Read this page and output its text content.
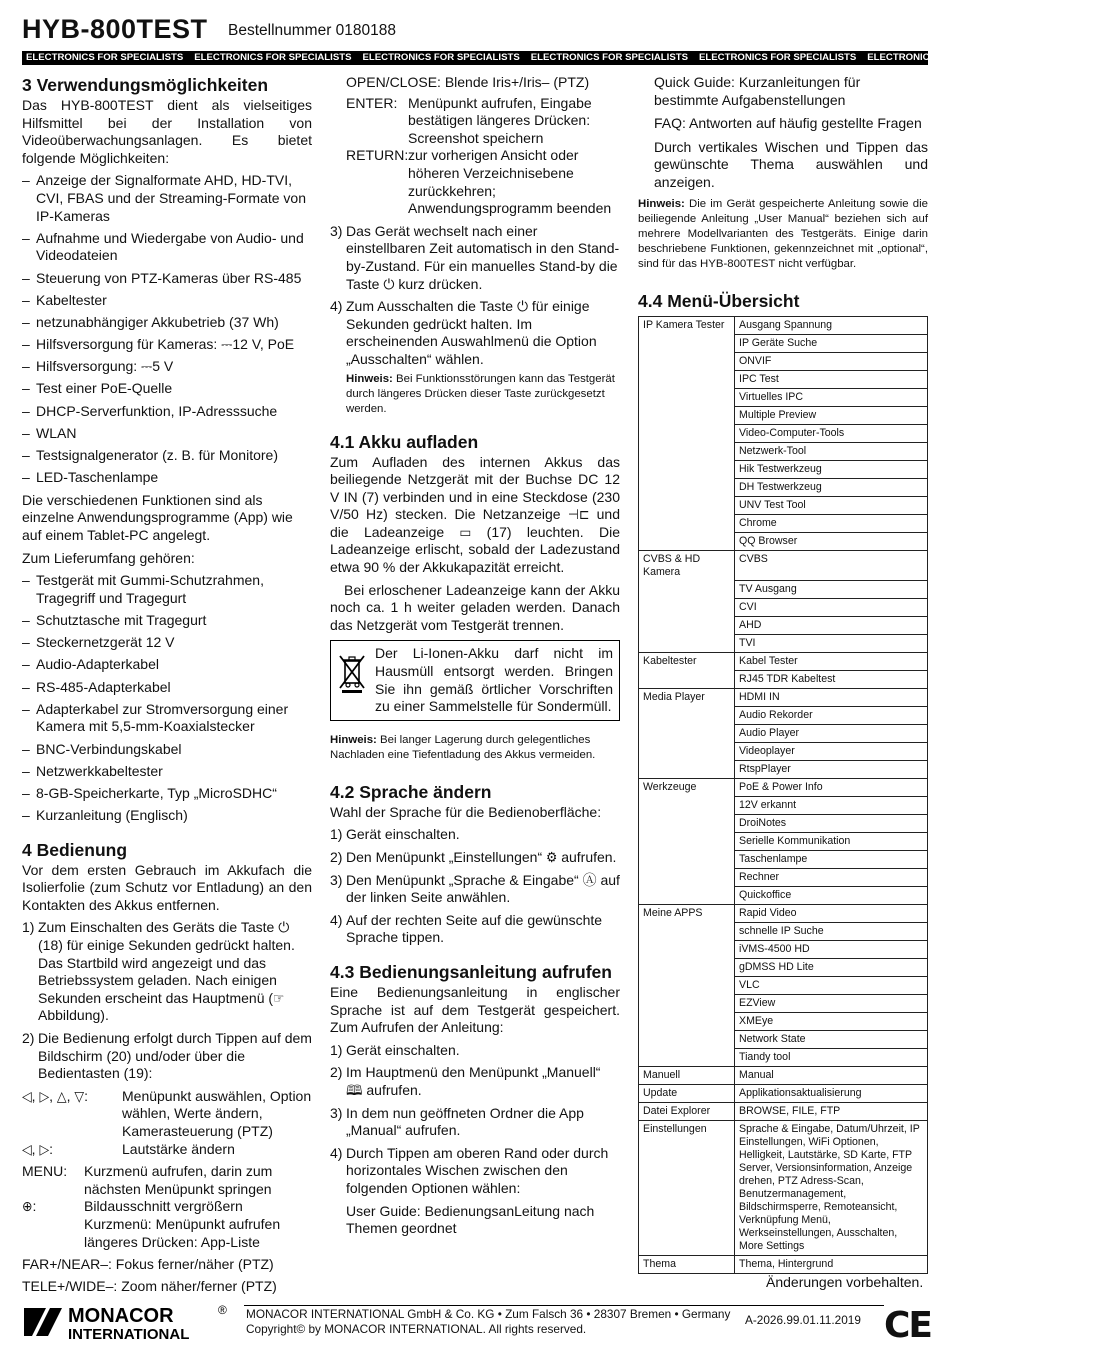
HYB-800TEST Bestellnummer 0180188
ELECTRONICS FOR SPECIALISTS ELECTRONICS FOR SPECIALISTS ELECTRONICS FOR SPECIALISTS ELECTRONICS FOR SPECIALISTS ELECTRONICS FOR SPECIALISTS ELECTRONICS FOR SPECIALISTS ELECTRONICS
3 Verwendungsmöglichkeiten

Das HYB-800TEST dient als vielseitiges Hilfsmittel bei der Installation von Videoüberwachungsanlagen. Es bietet folgende Möglichkeiten:

– Anzeige der Signalformate AHD, HD-TVI, CVI, FBAS und der Streaming-Formate von IP-Kameras
– Aufnahme und Wiedergabe von Audio- und Videodateien
– Steuerung von PTZ-Kameras über RS-485
– Kabeltester
– netzunabhängiger Akkubetrieb (37 Wh)
– Hilfsversorgung für Kameras: ⎓12 V, PoE
– Hilfsversorgung: ⎓5 V
– Test einer PoE-Quelle
– DHCP-Serverfunktion, IP-Adresssuche
– WLAN
– Testsignalgenerator (z. B. für Monitore)
– LED-Taschenlampe

Die verschiedenen Funktionen sind als einzelne Anwendungsprogramme (App) wie auf einem Tablet-PC angelegt.

Zum Lieferumfang gehören:

– Testgerät mit Gummi-Schutzrahmen, Tragegriff und Tragegurt
– Schutztasche mit Tragegurt
– Steckernetzgerät 12 V
– Audio-Adapterkabel
– RS-485-Adapterkabel
– Adapterkabel zur Stromversorgung einer Kamera mit 5,5-mm-Koaxialstecker
– BNC-Verbindungskabel
– Netzwerkkabeltester
– 8-GB-Speicherkarte, Typ „MicroSDHC“
– Kurzanleitung (Englisch)
4 Bedienung

Vor dem ersten Gebrauch im Akkufach die Isolierfolie (zum Schutz vor Entladung) an den Kontakten des Akkus entfernen.

1) Zum Einschalten des Geräts die Taste ⏻ (18) für einige Sekunden gedrückt halten. Das Startbild wird angezeigt und das Betriebssystem geladen. Nach einigen Sekunden erscheint das Hauptmenü (☞ Abbildung).
2) Die Bedienung erfolgt durch Tippen auf dem Bildschirm (20) und/oder über die Bedientasten (19):
◁, ▷, △, ▽:	Menüpunkt auswählen, Option wählen, Werte ändern, Kamerasteuerung (PTZ)
◁, ▷:	Lautstärke ändern
MENU:	Kurzmenü aufrufen, darin zum nächsten Menüpunkt springen
⊕:	Bildausschnitt vergrößern Kurzmenü: Menüpunkt aufrufen längeres Drücken: App-Liste
FAR+/NEAR–: Fokus ferner/näher (PTZ)
TELE+/WIDE–: Zoom näher/ferner (PTZ)
OPEN/CLOSE: Blende Iris+/Iris– (PTZ)
ENTER: Menüpunkt aufrufen, Eingabe bestätigen längeres Drücken: Screenshot speichern
RETURN: zur vorherigen Ansicht oder höheren Verzeichnisebene zurückkehren; Anwendungsprogramm beenden
3) Das Gerät wechselt nach einer einstellbaren Zeit automatisch in den Stand-by-Zustand. Für ein manuelles Stand-by die Taste ⏻ kurz drücken.
4) Zum Ausschalten die Taste ⏻ für einige Sekunden gedrückt halten. Im erscheinenden Auswahlmenü die Option „Ausschalten“ wählen.
Hinweis: Bei Funktionsstörungen kann das Testgerät durch längeres Drücken dieser Taste zurückgesetzt werden.
4.1 Akku aufladen

Zum Aufladen des internen Akkus das beiliegende Netzgerät mit der Buchse DC 12 V IN (7) verbinden und in eine Steckdose (230 V/50 Hz) stecken. Die Netzanzeige ⊣⊏ und die Ladeanzeige ▭ (17) leuchten. Die Ladeanzeige erlischt, sobald der Ladezustand etwa 90 % der Akkukapazität erreicht.

Bei erloschener Ladeanzeige kann der Akku noch ca. 1 h weiter geladen werden. Danach das Netzgerät vom Testgerät trennen.

Der Li-Ionen-Akku darf nicht im Hausmüll entsorgt werden. Bringen Sie ihn gemäß örtlicher Vorschriften zu einer Sammelstelle für Sondermüll.
Hinweis: Bei langer Lagerung durch gelegentliches Nachladen eine Tiefentladung des Akkus vermeiden.
4.2 Sprache ändern

Wahl der Sprache für die Bedienoberfläche:

1) Gerät einschalten.
2) Den Menüpunkt „Einstellungen“ ⚙ aufrufen.
3) Den Menüpunkt „Sprache & Eingabe“ Ⓐ auf der linken Seite anwählen.
4) Auf der rechten Seite auf die gewünschte Sprache tippen.
4.3 Bedienungsanleitung aufrufen

Eine Bedienungsanleitung in englischer Sprache ist auf dem Testgerät gespeichert. Zum Aufrufen der Anleitung:

1) Gerät einschalten.
2) Im Hauptmenü den Menüpunkt „Manuell“ 🕮 aufrufen.
3) In dem nun geöffneten Ordner die App „Manual“ aufrufen.
4) Durch Tippen am oberen Rand oder durch horizontales Wischen zwischen den folgenden Optionen wählen:
User Guide: BedienungsanLeitung nach Themen geordnet
Quick Guide: Kurzanleitungen für bestimmte Aufgabenstellungen
FAQ: Antworten auf häufig gestellte Fragen

Durch vertikales Wischen und Tippen das gewünschte Thema auswählen und anzeigen.

Hinweis: Die im Gerät gespeicherte Anleitung sowie die beiliegende Anleitung „User Manual“ beziehen sich auf mehrere Modellvarianten des Testgeräts. Einige darin beschriebene Funktionen, gekennzeichnet mit „optional“, sind für das HYB-800TEST nicht verfügbar.
4.4 Menü-Übersicht
IP Kamera Tester	Ausgang Spannung
	IP Geräte Suche
	ONVIF
	IPC Test
	Virtuelles IPC
	Multiple Preview
	Video-Computer-Tools
	Netzwerk-Tool
	Hik Testwerkzeug
	DH Testwerkzeug
	UNV Test Tool
	Chrome
	QQ Browser
CVBS & HD Kamera	CVBS
	TV Ausgang
	CVI
	AHD
	TVI
Kabeltester	Kabel Tester
	RJ45 TDR Kabeltest
Media Player	HDMI IN
	Audio Rekorder
	Audio Player
	Videoplayer
	RtspPlayer
Werkzeuge	PoE & Power Info
	12V erkannt
	DroiNotes
	Serielle Kommunikation
	Taschenlampe
	Rechner
	Quickoffice
Meine APPS	Rapid Video
	schnelle IP Suche
	iVMS-4500 HD
	gDMSS HD Lite
	VLC
	EZView
	XMEye
	Network State
	Tiandy tool
Manuell	Manual
Update	Applikationsaktualisierung
Datei Explorer	BROWSE, FILE, FTP
Einstellungen	Sprache & Eingabe, Datum/Uhrzeit, IP Einstellungen, WiFi Optionen, Helligkeit, Lautstärke, SD Karte, FTP Server, Versionsinformation, Anzeige drehen, PTZ Adress-Scan, Benutzermanagement, Bildschirmsperre, Remoteansicht, Verknüpfung Menü, Werkseinstellungen, Ausschalten, More Settings
Thema	Thema, Hintergrund
Änderungen vorbehalten.
MONACOR	®
INTERNATIONAL
MONACOR INTERNATIONAL GmbH & Co. KG • Zum Falsch 36 • 28307 Bremen • Germany
Copyright© by MONACOR INTERNATIONAL. All rights reserved.
A-2026.99.01.11.2019 CE
